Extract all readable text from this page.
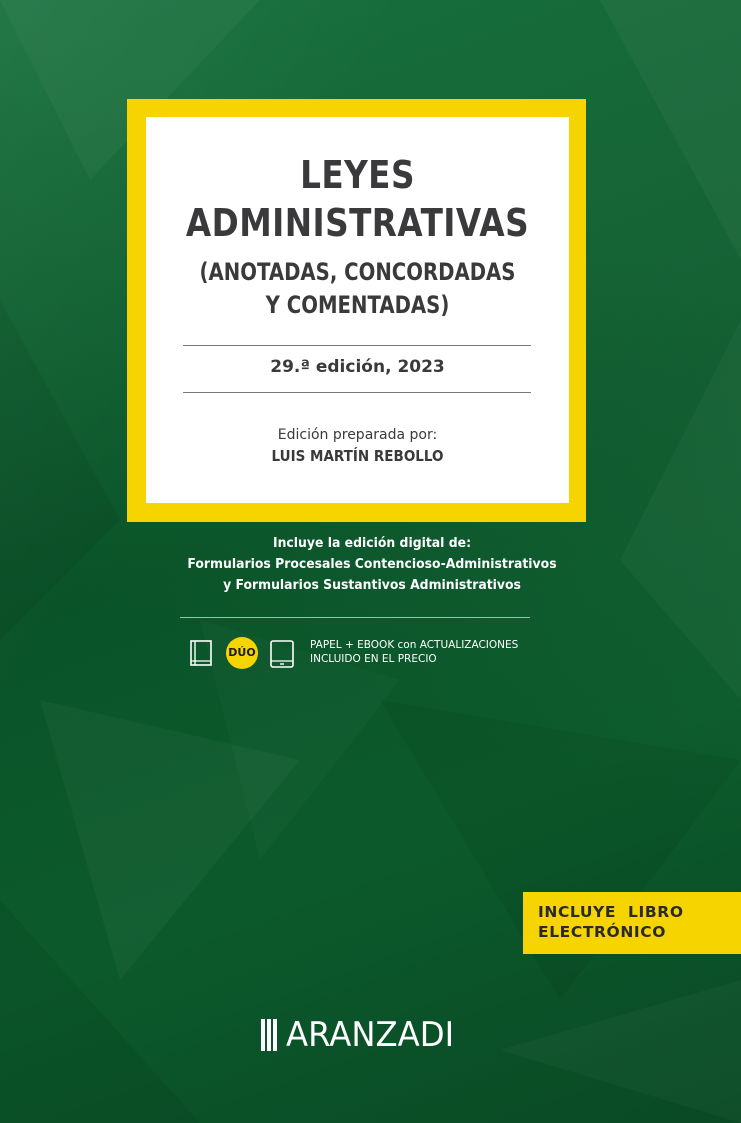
LEYES
ADMINISTRATIVAS
(ANOTADAS, CONCORDADAS
Y COMENTADAS)
29.ª edición, 2023
Edición preparada por:
LUIS MARTÍN REBOLLO
Incluye la edición digital de:
Formularios Procesales Contencioso-Administrativos
y Formularios Sustantivos Administrativos
DÚO
PAPEL + EBOOK con ACTUALIZACIONES
INCLUIDO EN EL PRECIO
INCLUYE  LIBRO
ELECTRÓNICO
ARANZADI
